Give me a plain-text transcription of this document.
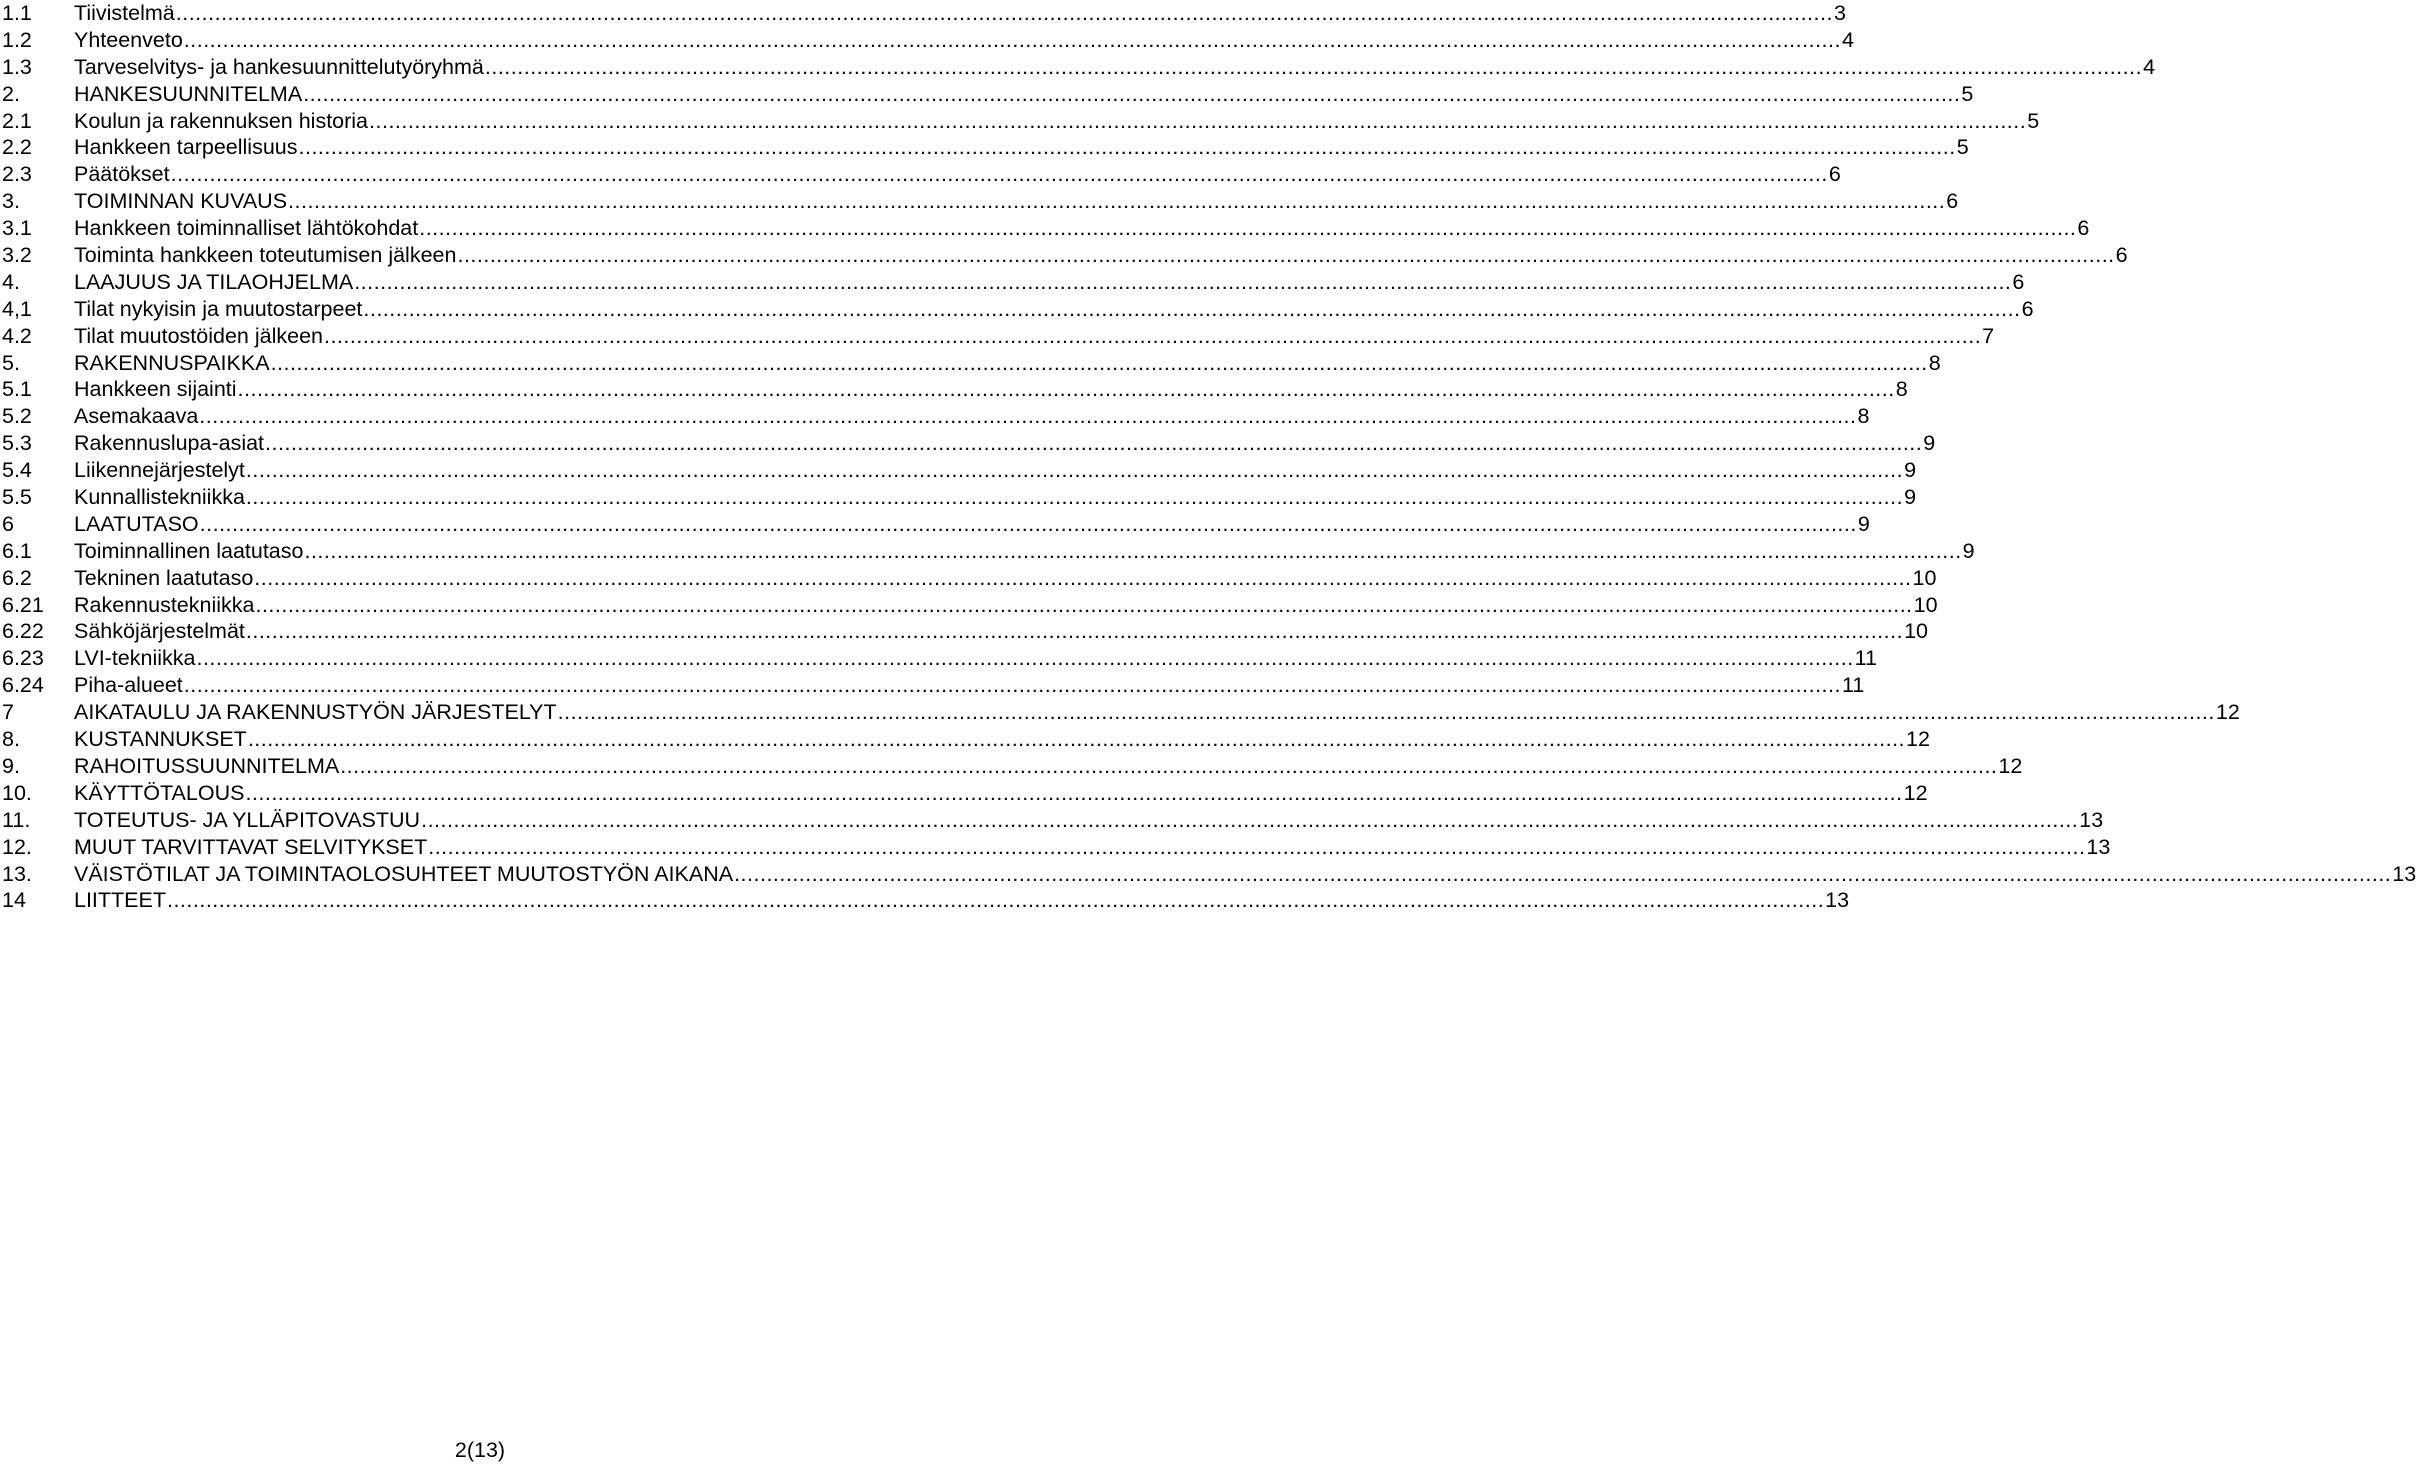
1.1	Tiivistelmä .....	3
1.2	Yhteenveto .....	4
1.3	Tarveselvitys- ja hankesuunnittelutyöryhmä .....	4
2.	HANKESUUNNITELMA .....	5
2.1	Koulun ja rakennuksen historia .....	5
2.2	Hankkeen tarpeellisuus .....	5
2.3	Päätökset .....	6
3.	TOIMINNAN KUVAUS .....	6
3.1	Hankkeen toiminnalliset lähtökohdat .....	6
3.2	Toiminta hankkeen toteutumisen jälkeen .....	6
4.	LAAJUUS JA TILAOHJELMA .....	6
4,1	Tilat nykyisin ja muutostarpeet .....	6
4.2	Tilat muutostöiden jälkeen .....	7
5.	RAKENNUSPAIKKA .....	8
5.1	Hankkeen sijainti .....	8
5.2	Asemakaava .....	8
5.3	Rakennuslupa-asiat .....	9
5.4	Liikennejärjestelyt .....	9
5.5	Kunnallistekniikka .....	9
6	LAATUTASO .....	9
6.1	Toiminnallinen laatutaso .....	9
6.2	Tekninen laatutaso .....	10
6.21	Rakennustekniikka .....	10
6.22	Sähköjärjestelmät .....	10
6.23	LVI-tekniikka .....	11
6.24	Piha-alueet .....	11
7	AIKATAULU JA RAKENNUSTYÖN JÄRJESTELYT .....	12
8.	KUSTANNUKSET .....	12
9.	RAHOITUSSUUNNITELMA .....	12
10.	KÄYTTÖTALOUS .....	12
11.	TOTEUTUS- JA YLLÄPITOVASTUU .....	13
12.	MUUT TARVITTAVAT SELVITYKSET .....	13
13.	VÄISTÖTILAT JA TOIMINTAOLOSUHTEET MUUTOSTYÖN AIKANA .....	13
14	LIITTEET .....	13
2(13)
